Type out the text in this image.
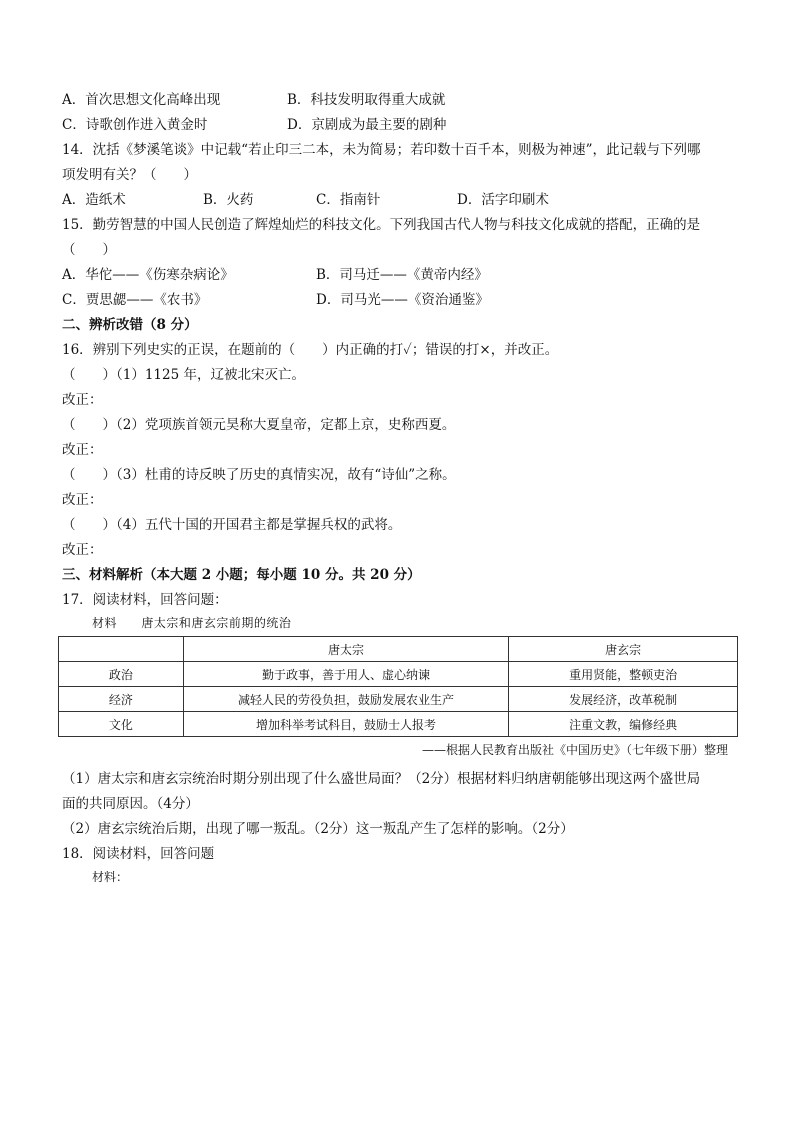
A．首次思想文化高峰出现	B．科技发明取得重大成就
C．诗歌创作进入黄金时	D．京剧成为最主要的剧种
14．沈括《梦溪笔谈》中记载“若止印三二本，未为简易；若印数十百千本，则极为神速”，此记载与下列哪
项发明有关？（　　）
A．造纸术	B．火药	C．指南针	D．活字印刷术
15．勤劳智慧的中国人民创造了辉煌灿烂的科技文化。下列我国古代人物与科技文化成就的搭配，正确的是
（　　）
A．华佗——《伤寒杂病论》	B．司马迁——《黄帝内经》
C．贾思勰——《农书》	D．司马光——《资治通鉴》
二、辨析改错（8 分）
16．辨别下列史实的正误，在题前的（　　）内正确的打✓；错误的打×，并改正。
（　　）（1）1125 年，辽被北宋灭亡。
改正：
（　　）（2）党项族首领元昊称大夏皇帝，定都上京，史称西夏。
改正：
（　　）（3）杜甫的诗反映了历史的真情实况，故有“诗仙”之称。
改正：
（　　）（4）五代十国的开国君主都是掌握兵权的武将。
改正：
三、材料解析（本大题 2 小题；每小题 10 分。共 20 分）
17．阅读材料，回答问题：
材料 唐太宗和唐玄宗前期的统治
	唐太宗	唐玄宗
政治	勤于政事，善于用人、虚心纳谏	重用贤能，整顿吏治
经济	减轻人民的劳役负担，鼓励发展农业生产	发展经济，改革税制
文化	增加科举考试科目，鼓励士人报考	注重文教，编修经典
——根据人民教育出版社《中国历史》（七年级下册）整理
（1）唐太宗和唐玄宗统治时期分别出现了什么盛世局面？（2分）根据材料归纳唐朝能够出现这两个盛世局
面的共同原因。（4分）
（2）唐玄宗统治后期，出现了哪一叛乱。（2分）这一叛乱产生了怎样的影响。（2分）
18．阅读材料，回答问题
材料：
